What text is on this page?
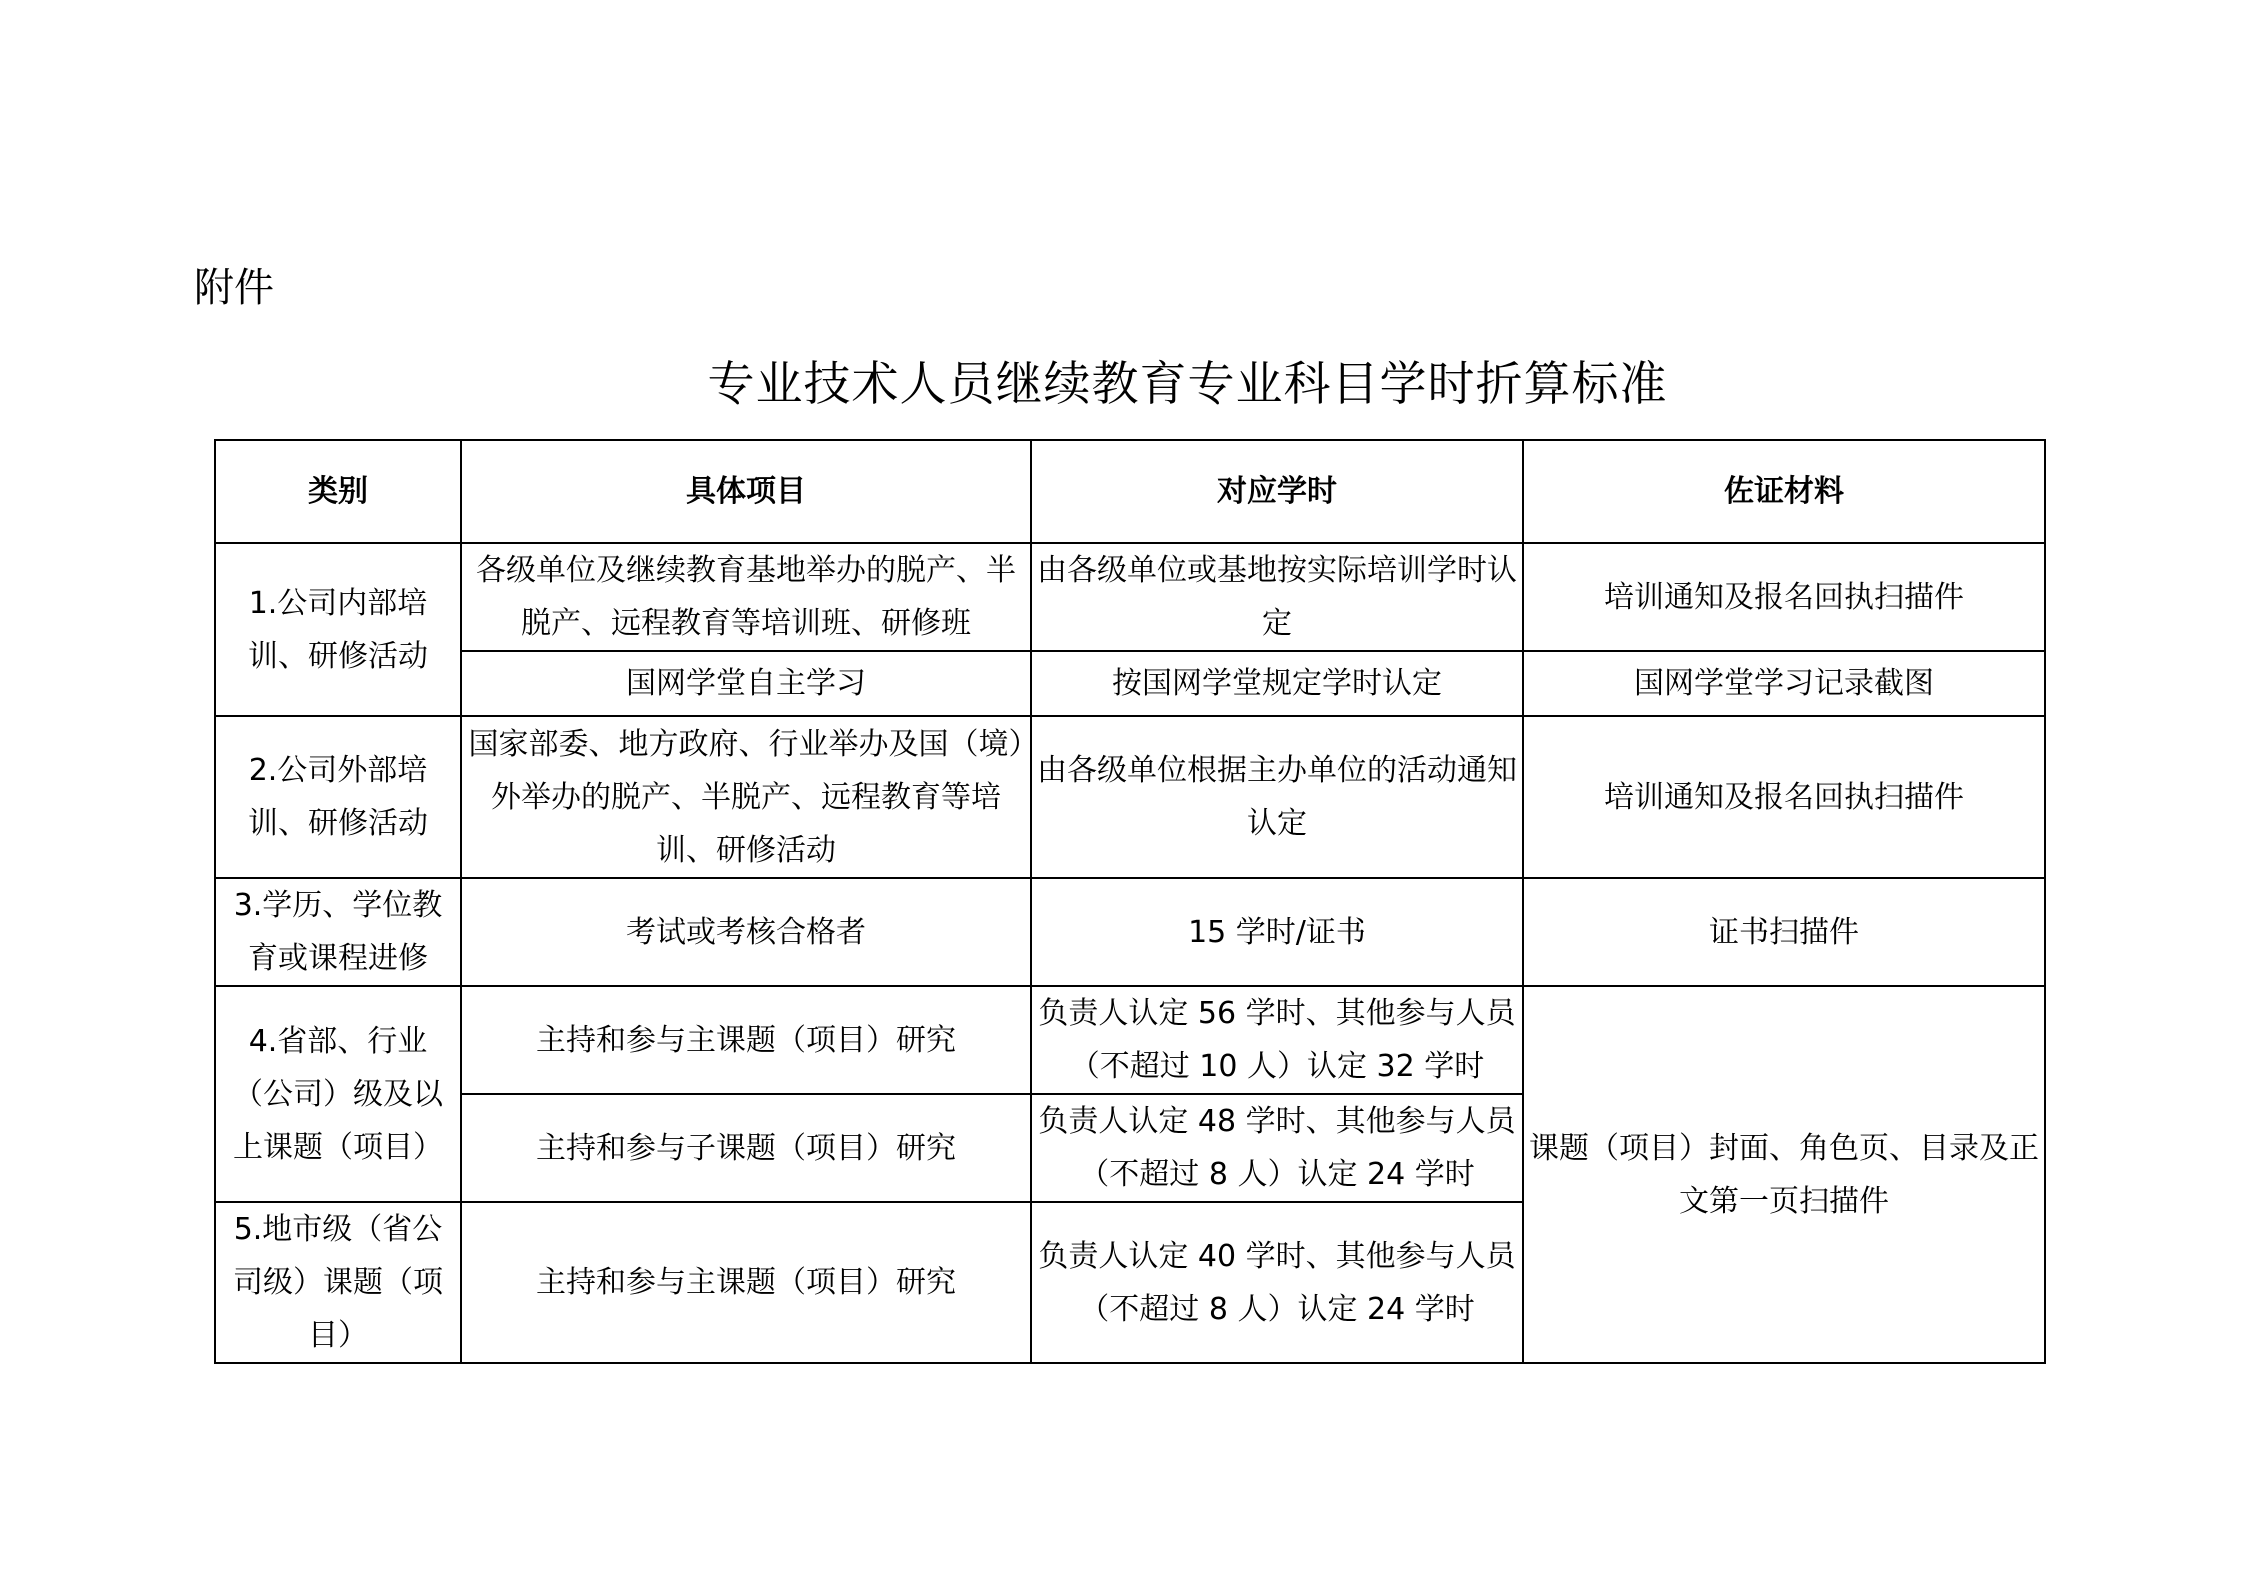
附件
专业技术人员继续教育专业科目学时折算标准
类别	具体项目	对应学时	佐证材料
1.公司内部培训、研修活动	各级单位及继续教育基地举办的脱产、半脱产、远程教育等培训班、研修班	由各级单位或基地按实际培训学时认定	培训通知及报名回执扫描件
	国网学堂自主学习	按国网学堂规定学时认定	国网学堂学习记录截图
2.公司外部培训、研修活动	国家部委、地方政府、行业举办及国（境）外举办的脱产、半脱产、远程教育等培训、研修活动	由各级单位根据主办单位的活动通知认定	培训通知及报名回执扫描件
3.学历、学位教育或课程进修	考试或考核合格者	15 学时/证书	证书扫描件
4.省部、行业（公司）级及以上课题（项目）	主持和参与主课题（项目）研究	负责人认定 56 学时、其他参与人员（不超过 10 人）认定 32 学时	课题（项目）封面、角色页、目录及正文第一页扫描件
	主持和参与子课题（项目）研究	负责人认定 48 学时、其他参与人员（不超过 8 人）认定 24 学时	
5.地市级（省公司级）课题（项目）	主持和参与主课题（项目）研究	负责人认定 40 学时、其他参与人员（不超过 8 人）认定 24 学时	
